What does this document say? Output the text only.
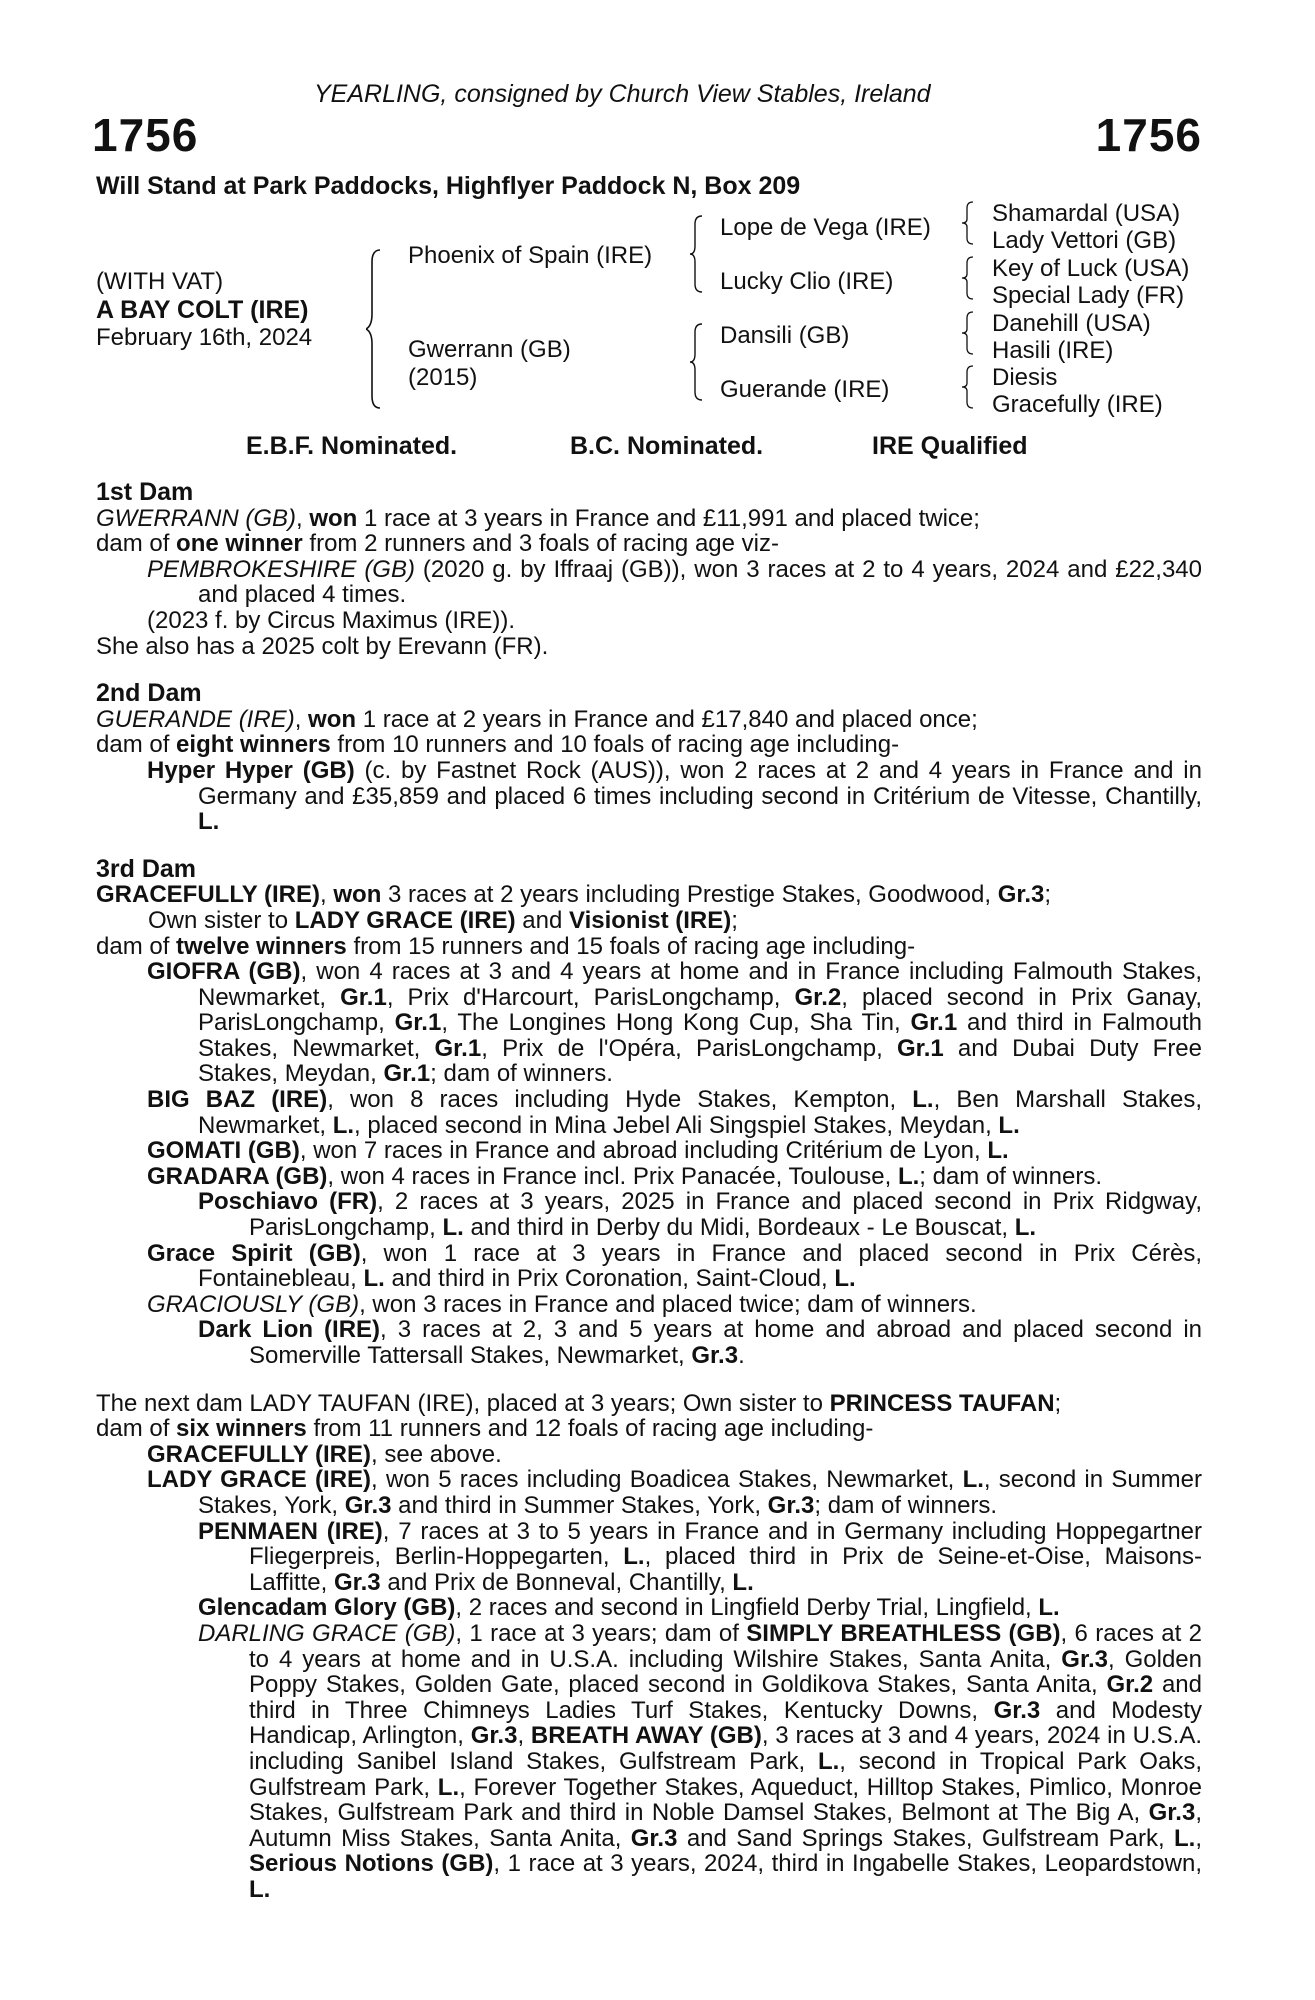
YEARLING, consigned by Church View Stables, Ireland
1756	1756
Will Stand at Park Paddocks, Highflyer Paddock N, Box 209
(WITH VAT)
A BAY COLT (IRE)
February 16th, 2024
Phoenix of Spain (IRE)
Gwerrann (GB)
(2015)
Lope de Vega (IRE)
Lucky Clio (IRE)
Dansili (GB)
Guerande (IRE)
Shamardal (USA)
Lady Vettori (GB)
Key of Luck (USA)
Special Lady (FR)
Danehill (USA)
Hasili (IRE)
Diesis
Gracefully (IRE)
E.B.F. Nominated.	B.C. Nominated.	IRE Qualified
1st Dam
GWERRANN (GB), won 1 race at 3 years in France and £11,991 and placed twice;
dam of one winner from 2 runners and 3 foals of racing age viz-
PEMBROKESHIRE (GB) (2020 g. by Iffraaj (GB)), won 3 races at 2 to 4 years, 2024 and £22,340 and placed 4 times.
(2023 f. by Circus Maximus (IRE)).
She also has a 2025 colt by Erevann (FR).
2nd Dam
GUERANDE (IRE), won 1 race at 2 years in France and £17,840 and placed once;
dam of eight winners from 10 runners and 10 foals of racing age including-
Hyper Hyper (GB) (c. by Fastnet Rock (AUS)), won 2 races at 2 and 4 years in France and in Germany and £35,859 and placed 6 times including second in Critérium de Vitesse, Chantilly, L.
3rd Dam
GRACEFULLY (IRE), won 3 races at 2 years including Prestige Stakes, Goodwood, Gr.3;
Own sister to LADY GRACE (IRE) and Visionist (IRE);
dam of twelve winners from 15 runners and 15 foals of racing age including-
GIOFRA (GB), won 4 races at 3 and 4 years at home and in France including Falmouth Stakes, Newmarket, Gr.1, Prix d'Harcourt, ParisLongchamp, Gr.2, placed second in Prix Ganay, ParisLongchamp, Gr.1, The Longines Hong Kong Cup, Sha Tin, Gr.1 and third in Falmouth Stakes, Newmarket, Gr.1, Prix de l'Opéra, ParisLongchamp, Gr.1 and Dubai Duty Free Stakes, Meydan, Gr.1; dam of winners.
BIG BAZ (IRE), won 8 races including Hyde Stakes, Kempton, L., Ben Marshall Stakes, Newmarket, L., placed second in Mina Jebel Ali Singspiel Stakes, Meydan, L.
GOMATI (GB), won 7 races in France and abroad including Critérium de Lyon, L.
GRADARA (GB), won 4 races in France incl. Prix Panacée, Toulouse, L.; dam of winners.
Poschiavo (FR), 2 races at 3 years, 2025 in France and placed second in Prix Ridgway, ParisLongchamp, L. and third in Derby du Midi, Bordeaux - Le Bouscat, L.
Grace Spirit (GB), won 1 race at 3 years in France and placed second in Prix Cérès, Fontainebleau, L. and third in Prix Coronation, Saint-Cloud, L.
GRACIOUSLY (GB), won 3 races in France and placed twice; dam of winners.
Dark Lion (IRE), 3 races at 2, 3 and 5 years at home and abroad and placed second in Somerville Tattersall Stakes, Newmarket, Gr.3.
The next dam LADY TAUFAN (IRE), placed at 3 years; Own sister to PRINCESS TAUFAN;
dam of six winners from 11 runners and 12 foals of racing age including-
GRACEFULLY (IRE), see above.
LADY GRACE (IRE), won 5 races including Boadicea Stakes, Newmarket, L., second in Summer Stakes, York, Gr.3 and third in Summer Stakes, York, Gr.3; dam of winners.
PENMAEN (IRE), 7 races at 3 to 5 years in France and in Germany including Hoppegartner Fliegerpreis, Berlin-Hoppegarten, L., placed third in Prix de Seine-et-Oise, Maisons-Laffitte, Gr.3 and Prix de Bonneval, Chantilly, L.
Glencadam Glory (GB), 2 races and second in Lingfield Derby Trial, Lingfield, L.
DARLING GRACE (GB), 1 race at 3 years; dam of SIMPLY BREATHLESS (GB), 6 races at 2 to 4 years at home and in U.S.A. including Wilshire Stakes, Santa Anita, Gr.3, Golden Poppy Stakes, Golden Gate, placed second in Goldikova Stakes, Santa Anita, Gr.2 and third in Three Chimneys Ladies Turf Stakes, Kentucky Downs, Gr.3 and Modesty Handicap, Arlington, Gr.3, BREATH AWAY (GB), 3 races at 3 and 4 years, 2024 in U.S.A. including Sanibel Island Stakes, Gulfstream Park, L., second in Tropical Park Oaks, Gulfstream Park, L., Forever Together Stakes, Aqueduct, Hilltop Stakes, Pimlico, Monroe Stakes, Gulfstream Park and third in Noble Damsel Stakes, Belmont at The Big A, Gr.3, Autumn Miss Stakes, Santa Anita, Gr.3 and Sand Springs Stakes, Gulfstream Park, L., Serious Notions (GB), 1 race at 3 years, 2024, third in Ingabelle Stakes, Leopardstown, L.
